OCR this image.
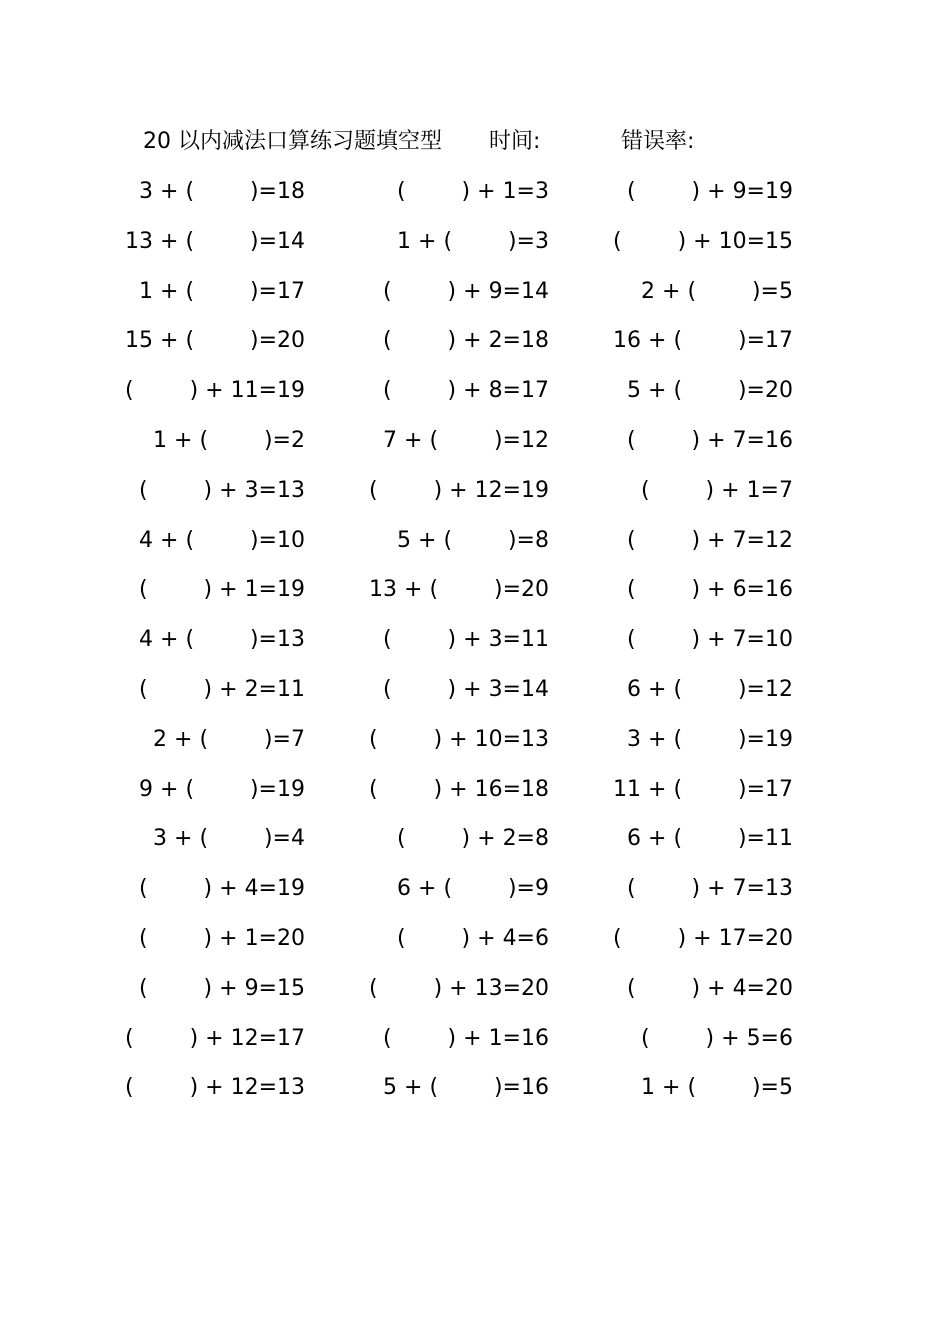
20 以内减法口算练习题填空型 时间:	错误率:
3 + (        )=18	(        ) + 1=3	(        ) + 9=19
13 + (        )=14	1 + (        )=3	(        ) + 10=15
1 + (        )=17	(        ) + 9=14	2 + (        )=5
15 + (        )=20	(        ) + 2=18	16 + (        )=17
(        ) + 11=19	(        ) + 8=17	5 + (        )=20
1 + (        )=2	7 + (        )=12	(        ) + 7=16
(        ) + 3=13	(        ) + 12=19	(        ) + 1=7
4 + (        )=10	5 + (        )=8	(        ) + 7=12
(        ) + 1=19	13 + (        )=20	(        ) + 6=16
4 + (        )=13	(        ) + 3=11	(        ) + 7=10
(        ) + 2=11	(        ) + 3=14	6 + (        )=12
2 + (        )=7	(        ) + 10=13	3 + (        )=19
9 + (        )=19	(        ) + 16=18	11 + (        )=17
3 + (        )=4	(        ) + 2=8	6 + (        )=11
(        ) + 4=19	6 + (        )=9	(        ) + 7=13
(        ) + 1=20	(        ) + 4=6	(        ) + 17=20
(        ) + 9=15	(        ) + 13=20	(        ) + 4=20
(        ) + 12=17	(        ) + 1=16	(        ) + 5=6
(        ) + 12=13	5 + (        )=16	1 + (        )=5
